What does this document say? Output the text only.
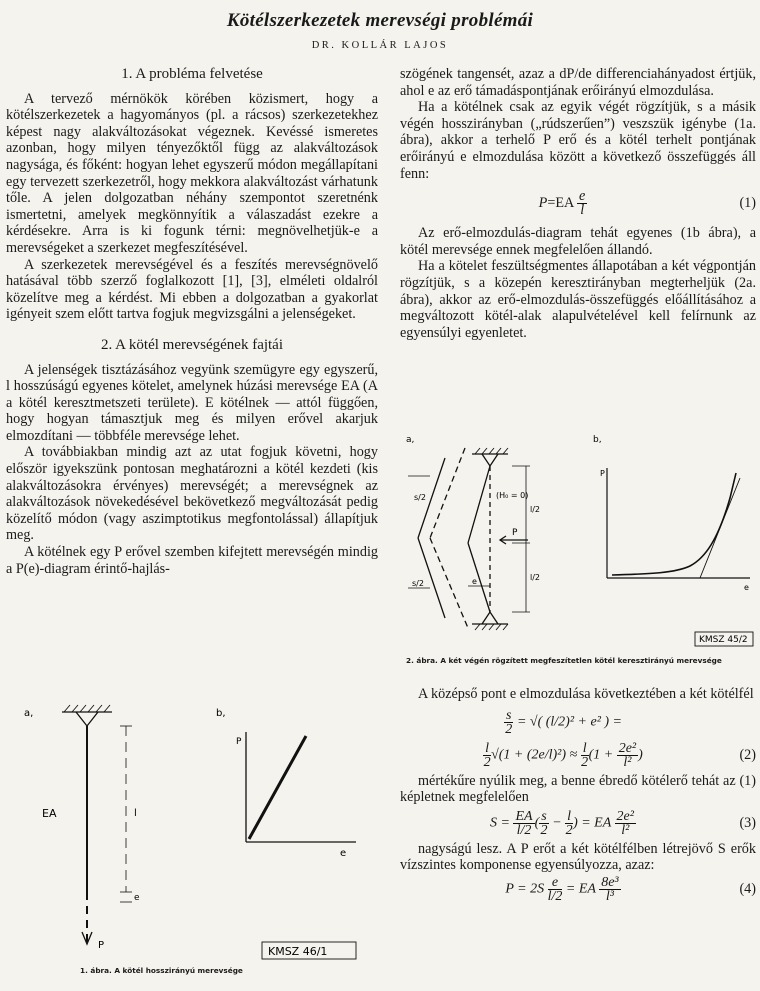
Kötélszerkezetek merevségi problémái
DR. KOLLÁR LAJOS
1. A probléma felvetése

A tervező mérnökök körében közismert, hogy a kötélszerkezetek a hagyományos (pl. a rácsos) szerkezetekhez képest nagy alakváltozásokat végeznek. Kevéssé ismeretes azonban, hogy milyen tényezőktől függ az alakváltozások nagysága, és főként: hogyan lehet egyszerű módon megállapítani egy tervezett szerkezetről, hogy mekkora alakváltozást várhatunk tőle. A jelen dolgozatban néhány szempontot szeretnénk ismertetni, amelyek megkönnyítik a válaszadást ezekre a kérdésekre. Arra is ki fogunk térni: megnövelhetjük-e a merevségeket a szerkezet megfeszítésével.

A szerkezetek merevségével és a feszítés merevségnövelő hatásával több szerző foglalkozott [1], [3], elméleti oldalról közelítve meg a kérdést. Mi ebben a dolgozatban a gyakorlat igényeit szem előtt tartva fogjuk megvizsgálni a jelenségeket.

2. A kötél merevségének fajtái

A jelenségek tisztázásához vegyünk szemügyre egy egyszerű, l hosszúságú egyenes kötelet, amelynek húzási merevsége EA (A a kötél keresztmetszeti területe). E kötélnek — attól függően, hogy hogyan támasztjuk meg és milyen erővel akarjuk elmozdítani — többféle merevsége lehet.

A továbbiakban mindig azt az utat fogjuk követni, hogy először igyekszünk pontosan meghatározni a kötél kezdeti (kis alakváltozásokra érvényes) merevségét; a merevségnek az alakváltozások növekedésével bekövetkező megváltozását pedig közelítő módon (vagy aszimptotikus megfontolással) állapítjuk meg.

A kötélnek egy P erővel szemben kifejtett merevségén mindig a P(e)-diagram érintő-hajlás-

szögének tangensét, azaz a dP/de differenciahányadost értjük, ahol e az erő támadáspontjának erőirányú elmozdulása.

Ha a kötélnek csak az egyik végét rögzítjük, s a másik végén hosszirányban („rúdszerűen”) veszszük igénybe (1a. ábra), akkor a terhelő P erő és a kötél terhelt pontjának erőirányú e elmozdulása között a következő összefüggés áll fenn:

$P=EA \frac{e}{l}$	(1)

Az erő-elmozdulás-diagram tehát egyenes (1b ábra), a kötél merevsége ennek megfelelően állandó.

Ha a kötelet feszültségmentes állapotában a két végpontján rögzítjük, s a közepén keresztirányban megterheljük (2a. ábra), akkor az erő-elmozdulás-összefüggés előállításához a megváltozott kötél-alak alapulvételével kell felírnunk az egyensúlyi egyenletet.

a,	b,
(H₀ = 0)
l/2
l/2
s/2
s/2	e
P
P
e
KMSZ 45/2
2. ábra. A két végén rögzített megfeszítetlen kötél keresztirányú merevsége

A középső pont e elmozdulása következtében a két kötélfél

$\frac{s}{2}$ = √( (l/2)² + e² ) =
$\frac{l}{2} √(1 + (2e/l)^2) \approx \frac{l}{2} (1 + \frac{\text{2e²}}{\text{l²}}$ )	(2)

mértékűre nyúlik meg, a benne ébredő kötélerő tehát az (1) képletnek megfelelően

$S = \frac{EA}{l/2}$ ( $\frac{s}{2} - \frac{l}{2}$ ) = EA $\frac{\text{2e²}}{\text{l²}}$	(3)

nagyságú lesz. A P erőt a két kötélfélben létrejövő S erők vízszintes komponense egyensúlyozza, azaz:

$P = 2S \frac{e}{l/2}$ = EA $\frac{\text{8e³}}{\text{l³}}$	(4)
a,	b,
EA	l
e
P
P
e
KMSZ 46/1
1. ábra. A kötél hosszirányú merevsége
